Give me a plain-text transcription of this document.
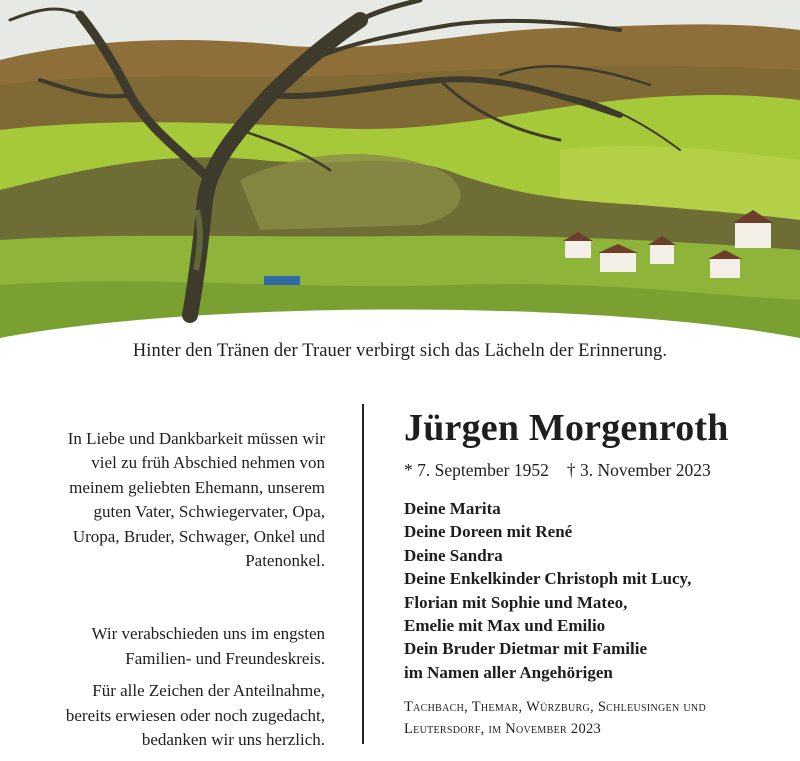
Hinter den Tränen der Trauer verbirgt sich das Lächeln der Erinnerung.

In Liebe und Dankbarkeit müssen wir
viel zu früh Abschied nehmen von
meinem geliebten Ehemann, unserem
guten Vater, Schwiegervater, Opa,
Uropa, Bruder, Schwager, Onkel und
Patenonkel.

Wir verabschieden uns im engsten
Familien- und Freundeskreis.

Für alle Zeichen der Anteilnahme,
bereits erwiesen oder noch zugedacht,
bedanken wir uns herzlich.

Jürgen Morgenroth
* 7. September 1952 † 3. November 2023
Deine Marita
Deine Doreen mit René
Deine Sandra
Deine Enkelkinder Christoph mit Lucy,
Florian mit Sophie und Mateo,
Emelie mit Max und Emilio
Dein Bruder Dietmar mit Familie
im Namen aller Angehörigen
Tachbach, Themar, Würzburg, Schleusingen und
Leutersdorf, im November 2023
